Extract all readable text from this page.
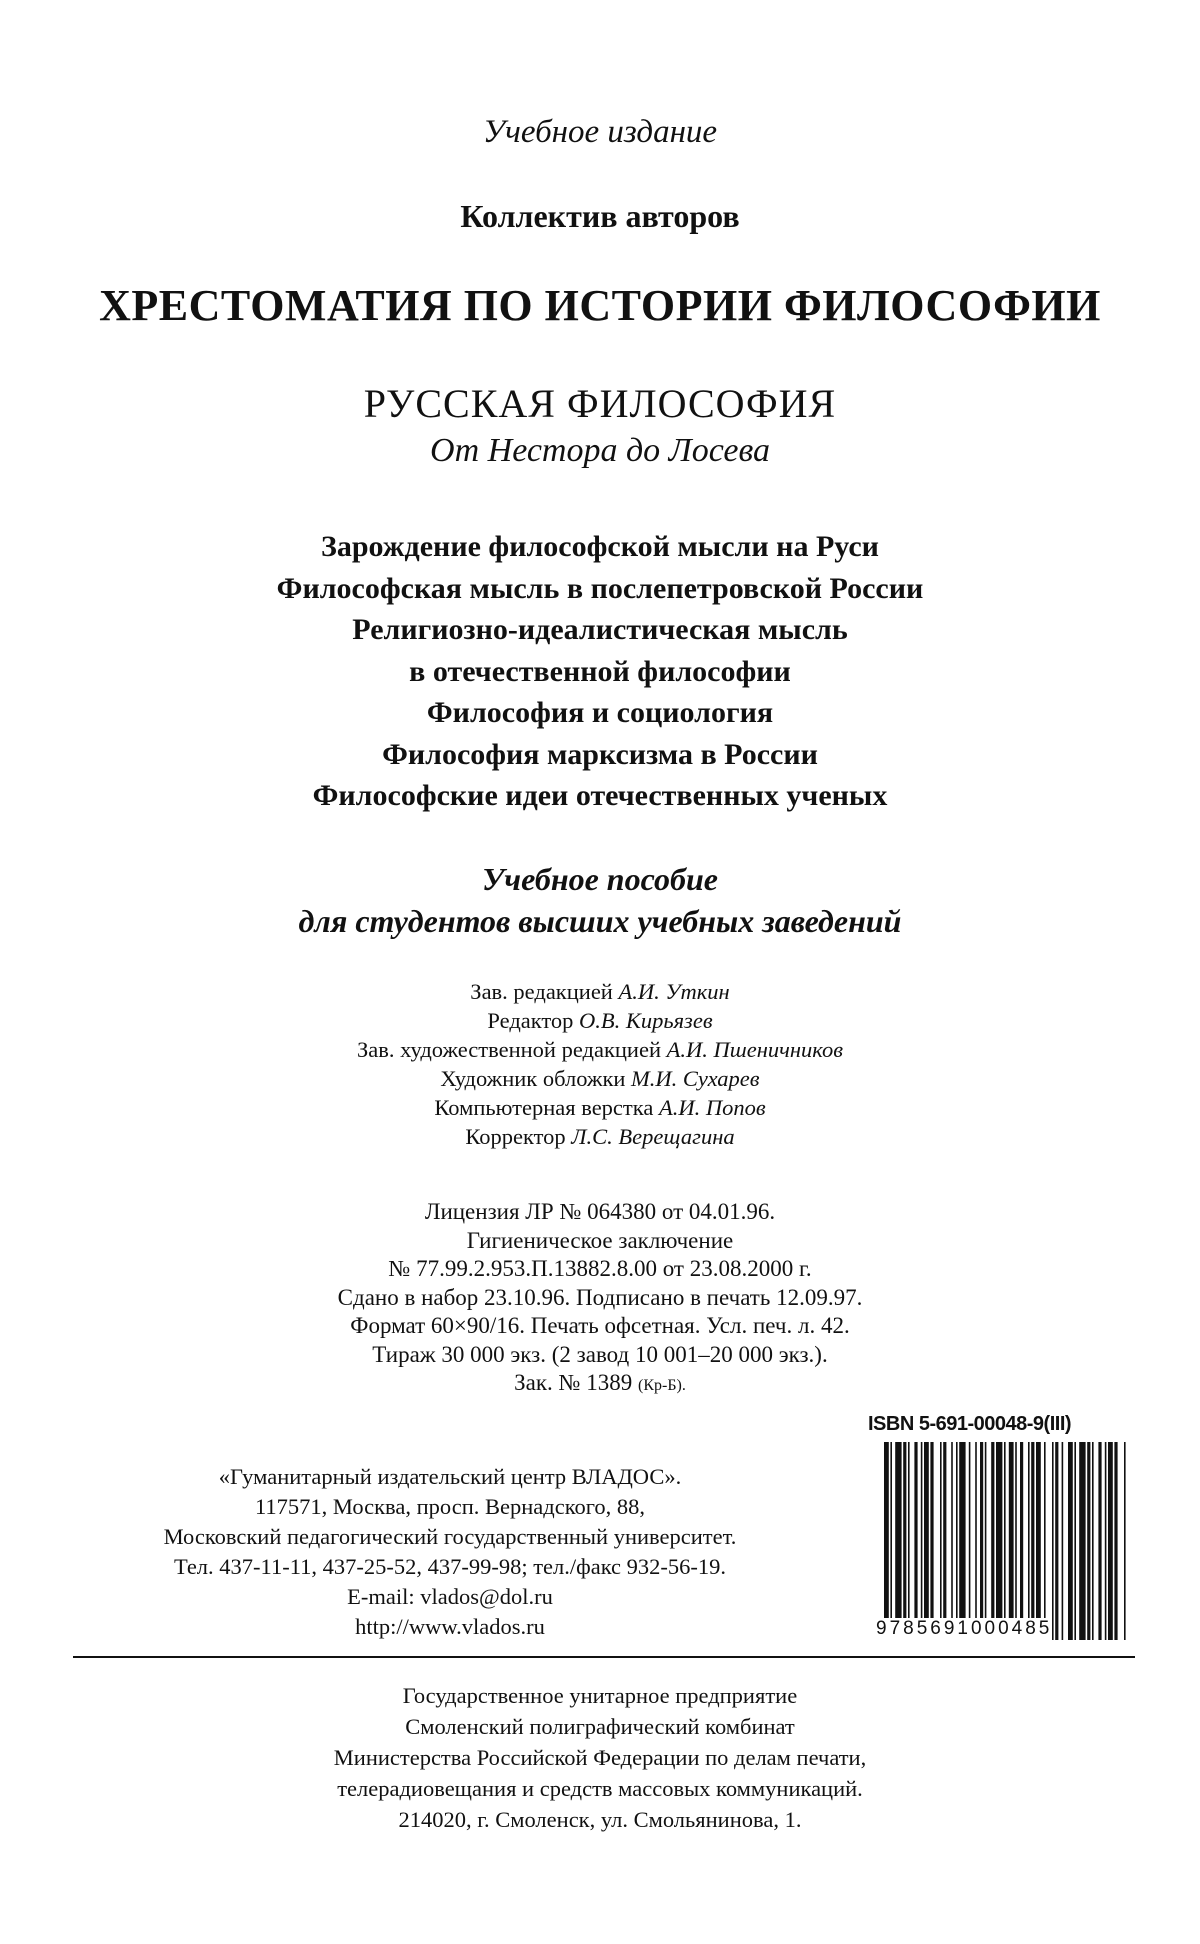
Учебное издание
Коллектив авторов
ХРЕСТОМАТИЯ ПО ИСТОРИИ ФИЛОСОФИИ
РУССКАЯ ФИЛОСОФИЯ
От Нестора до Лосева
Зарождение философской мысли на Руси
Философская мысль в послепетровской России
Религиозно-идеалистическая мысль
в отечественной философии
Философия и социология
Философия марксизма в России
Философские идеи отечественных ученых
Учебное пособие
для студентов высших учебных заведений
Зав. редакцией А.И. Уткин
Редактор О.В. Кирьязев
Зав. художественной редакцией А.И. Пшеничников
Художник обложки М.И. Сухарев
Компьютерная верстка А.И. Попов
Корректор Л.С. Верещагина
Лицензия ЛР № 064380 от 04.01.96.
Гигиеническое заключение
№ 77.99.2.953.П.13882.8.00 от 23.08.2000 г.
Сдано в набор 23.10.96. Подписано в печать 12.09.97.
Формат 60×90/16. Печать офсетная. Усл. печ. л. 42.
Тираж 30 000 экз. (2 завод 10 001–20 000 экз.).
Зак. № 1389 (Кр-Б).
ISBN 5-691-00048-9(III)
9785691000485
«Гуманитарный издательский центр ВЛАДОС».
117571, Москва, просп. Вернадского, 88,
Московский педагогический государственный университет.
Тел. 437-11-11, 437-25-52, 437-99-98; тел./факс 932-56-19.
E-mail: vlados@dol.ru
http://www.vlados.ru
Государственное унитарное предприятие
Смоленский полиграфический комбинат
Министерства Российской Федерации по делам печати,
телерадиовещания и средств массовых коммуникаций.
214020, г. Смоленск, ул. Смольянинова, 1.
